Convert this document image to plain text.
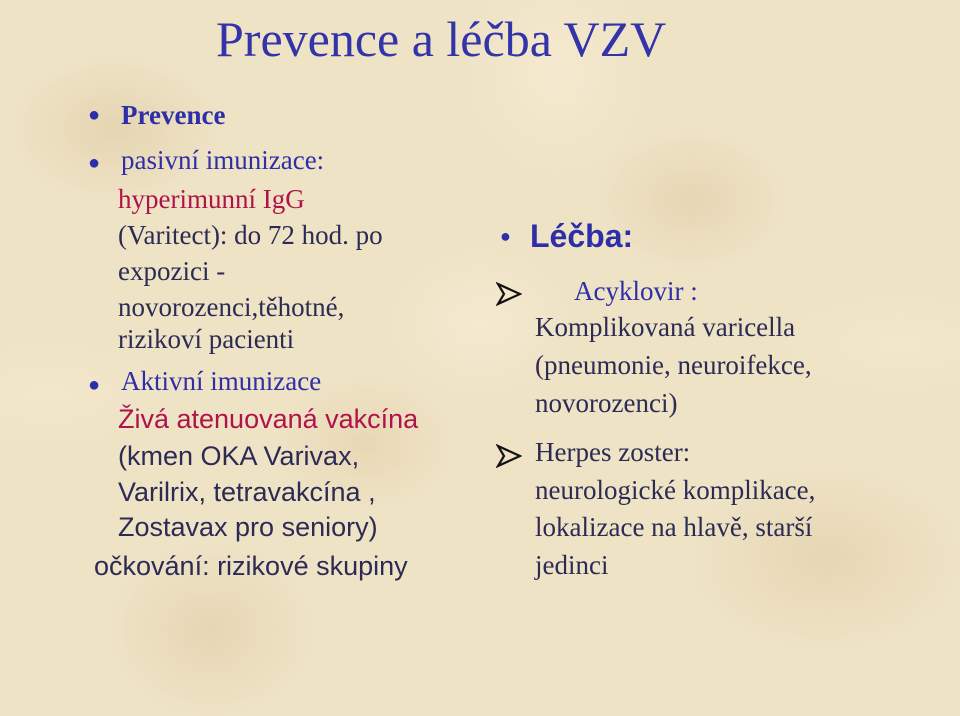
Prevence a léčba VZV
● Prevence
● pasivní imunizace:
hyperimunní IgG
(Varitect): do 72 hod. po
expozici -
novorozenci,těhotné,
rizikoví pacienti
● Aktivní imunizace
Živá atenuovaná vakcína
(kmen OKA Varivax,
Varilrix, tetravakcína ,
Zostavax pro seniory)
očkování: rizikové skupiny
● Léčba:
Acyklovir :
Komplikovaná varicella
(pneumonie, neuroifekce,
novorozenci)
Herpes zoster:
neurologické komplikace,
lokalizace na hlavě, starší
jedinci
